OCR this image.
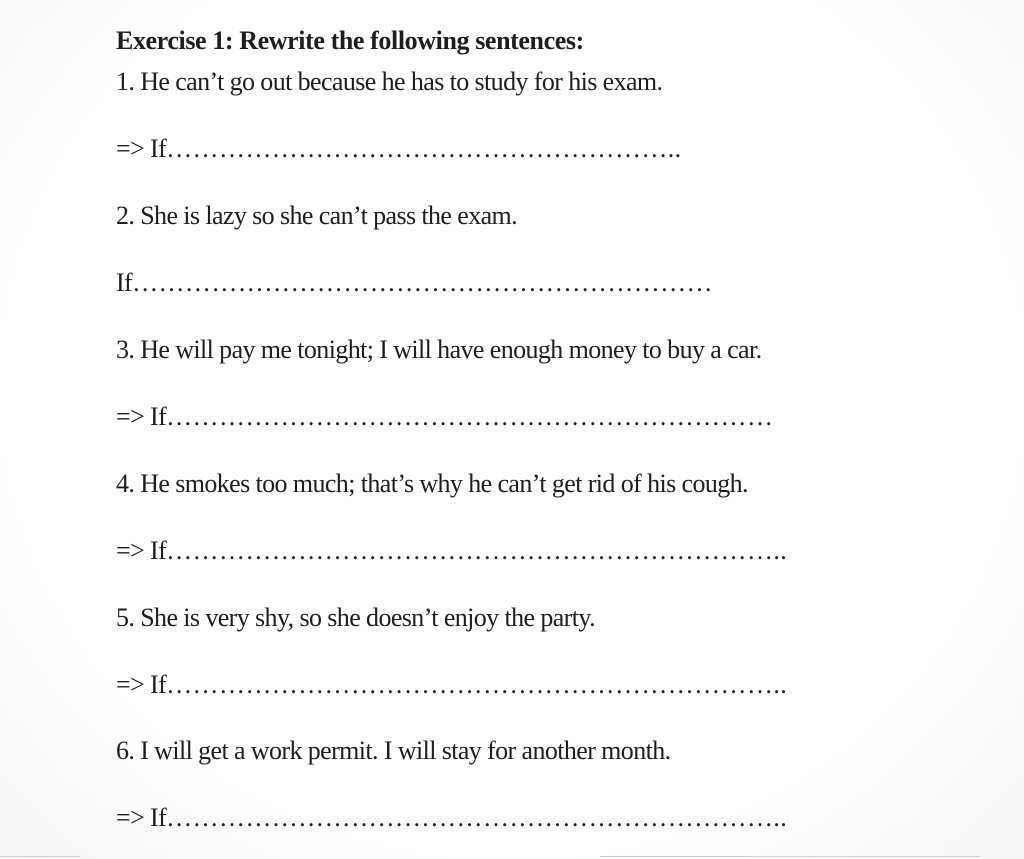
Exercise 1: Rewrite the following sentences:
1. He can’t go out because he has to study for his exam.
=> If…………………………………………………..
2. She is lazy so she can’t pass the exam.
If…………………………………………………………
3. He will pay me tonight; I will have enough money to buy a car.
=> If……………………………………………………………
4. He smokes too much; that’s why he can’t get rid of his cough.
=> If……………………………………………………………..
5. She is very shy, so she doesn’t enjoy the party.
=> If……………………………………………………………..
6. I will get a work permit. I will stay for another month.
=> If……………………………………………………………..
